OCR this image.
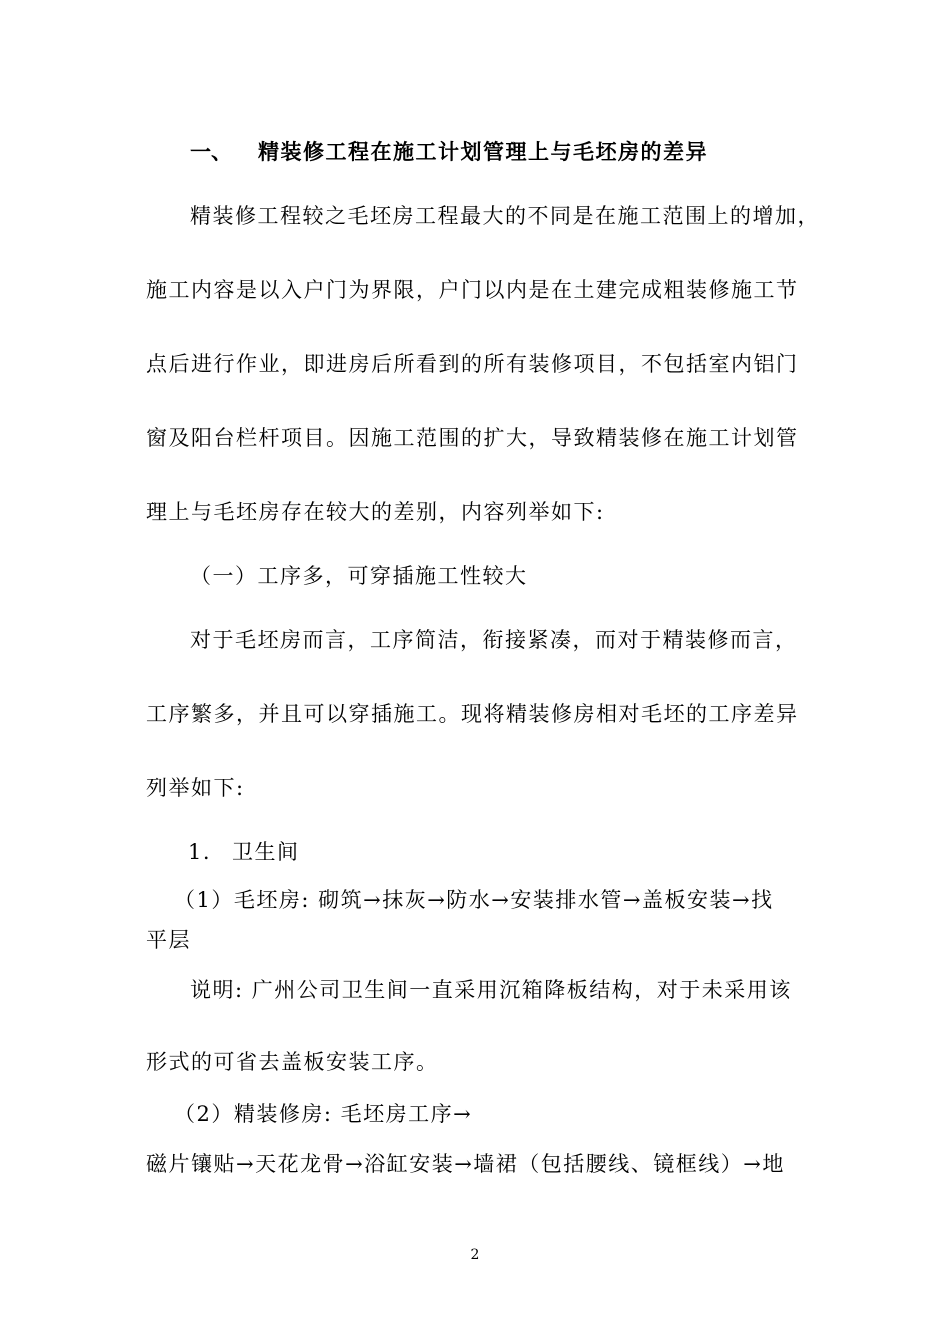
一、 精装修工程在施工计划管理上与毛坯房的差异
精装修工程较之毛坯房工程最大的不同是在施工范围上的增加，
施工内容是以入户门为界限，户门以内是在土建完成粗装修施工节
点后进行作业，即进房后所看到的所有装修项目，不包括室内铝门
窗及阳台栏杆项目。因施工范围的扩大，导致精装修在施工计划管
理上与毛坯房存在较大的差别，内容列举如下:
（一）工序多，可穿插施工性较大
对于毛坯房而言，工序简洁，衔接紧凑，而对于精装修而言，
工序繁多，并且可以穿插施工。现将精装修房相对毛坯的工序差异
列举如下:
1. 卫生间
（1）毛坯房: 砌筑→抹灰→防水→安装排水管→盖板安装→找
平层
说明: 广州公司卫生间一直采用沉箱降板结构，对于未采用该
形式的可省去盖板安装工序。
（2）精装修房: 毛坯房工序→
磁片镶贴→天花龙骨→浴缸安装→墙裙（包括腰线、镜框线）→地
2
